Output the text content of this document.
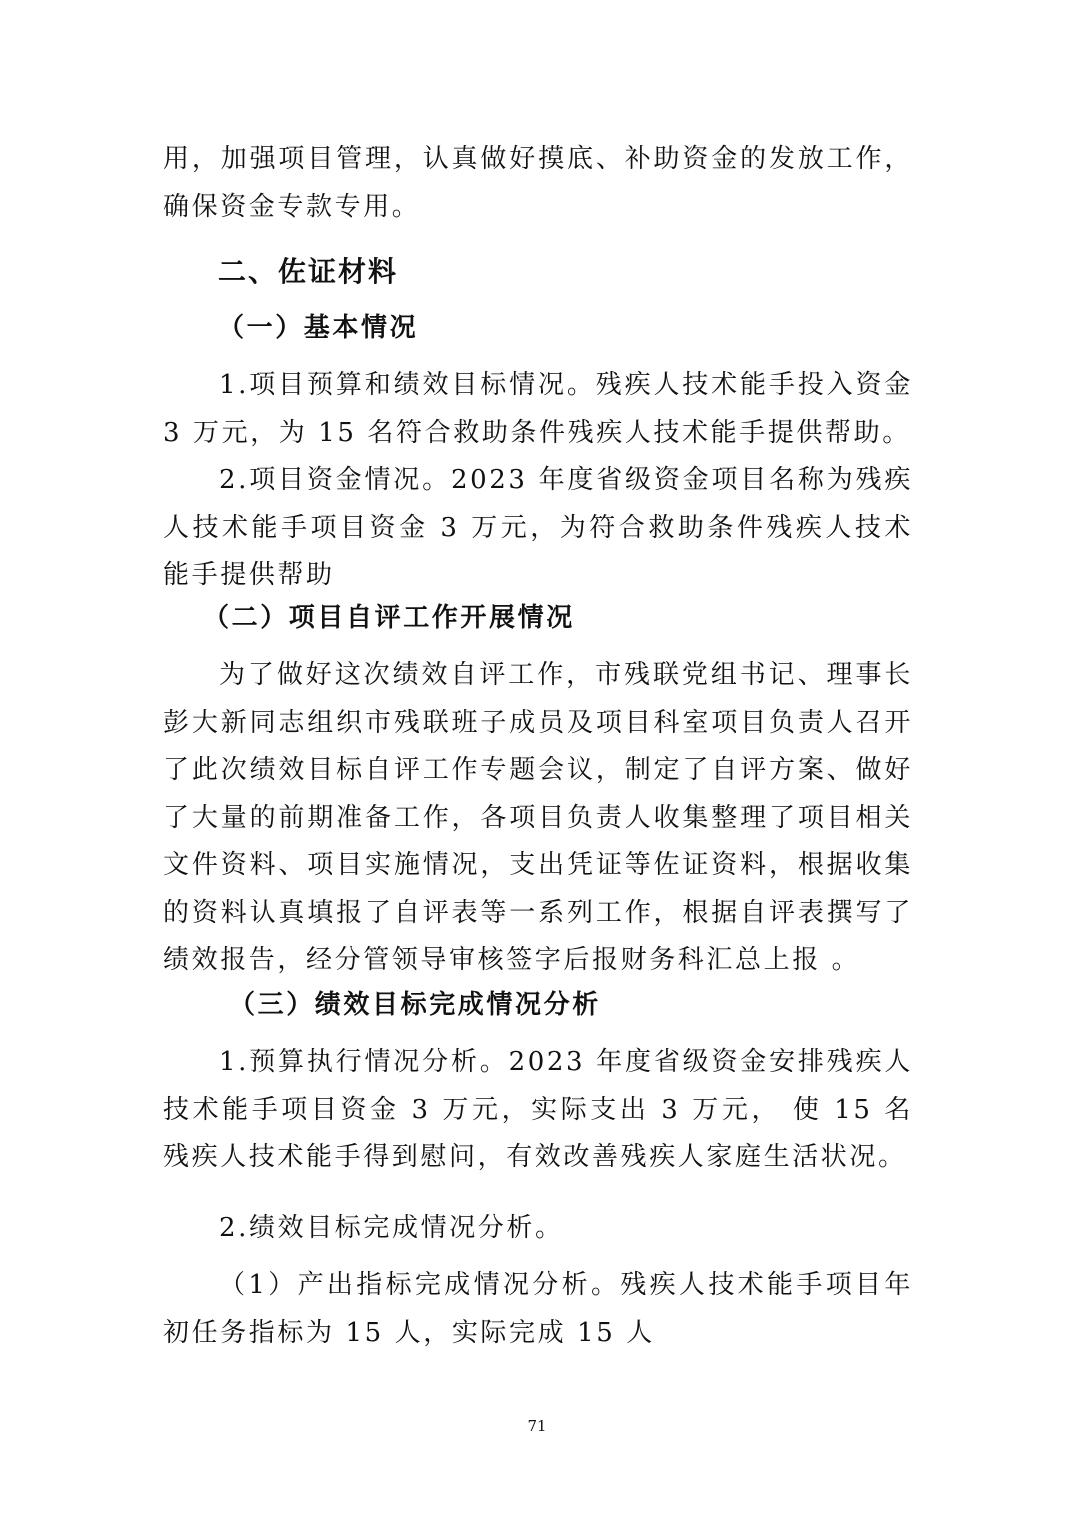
用，加强项目管理，认真做好摸底、补助资金的发放工作，确保资金专款专用。

二、佐证材料
（一）基本情况

1.项目预算和绩效目标情况。残疾人技术能手投入资金 3 万元，为 15 名符合救助条件残疾人技术能手提供帮助。

2.项目资金情况。2023 年度省级资金项目名称为残疾人技术能手项目资金 3 万元，为符合救助条件残疾人技术能手提供帮助

（二）项目自评工作开展情况

为了做好这次绩效自评工作，市残联党组书记、理事长彭大新同志组织市残联班子成员及项目科室项目负责人召开了此次绩效目标自评工作专题会议，制定了自评方案、做好了大量的前期准备工作，各项目负责人收集整理了项目相关文件资料、项目实施情况，支出凭证等佐证资料，根据收集的资料认真填报了自评表等一系列工作，根据自评表撰写了绩效报告，经分管领导审核签字后报财务科汇总上报 。

（三）绩效目标完成情况分析

1.预算执行情况分析。2023 年度省级资金安排残疾人技术能手项目资金 3 万元，实际支出 3 万元， 使 15 名残疾人技术能手得到慰问，有效改善残疾人家庭生活状况。

2.绩效目标完成情况分析。

（1）产出指标完成情况分析。残疾人技术能手项目年初任务指标为 15 人，实际完成 15 人

71
